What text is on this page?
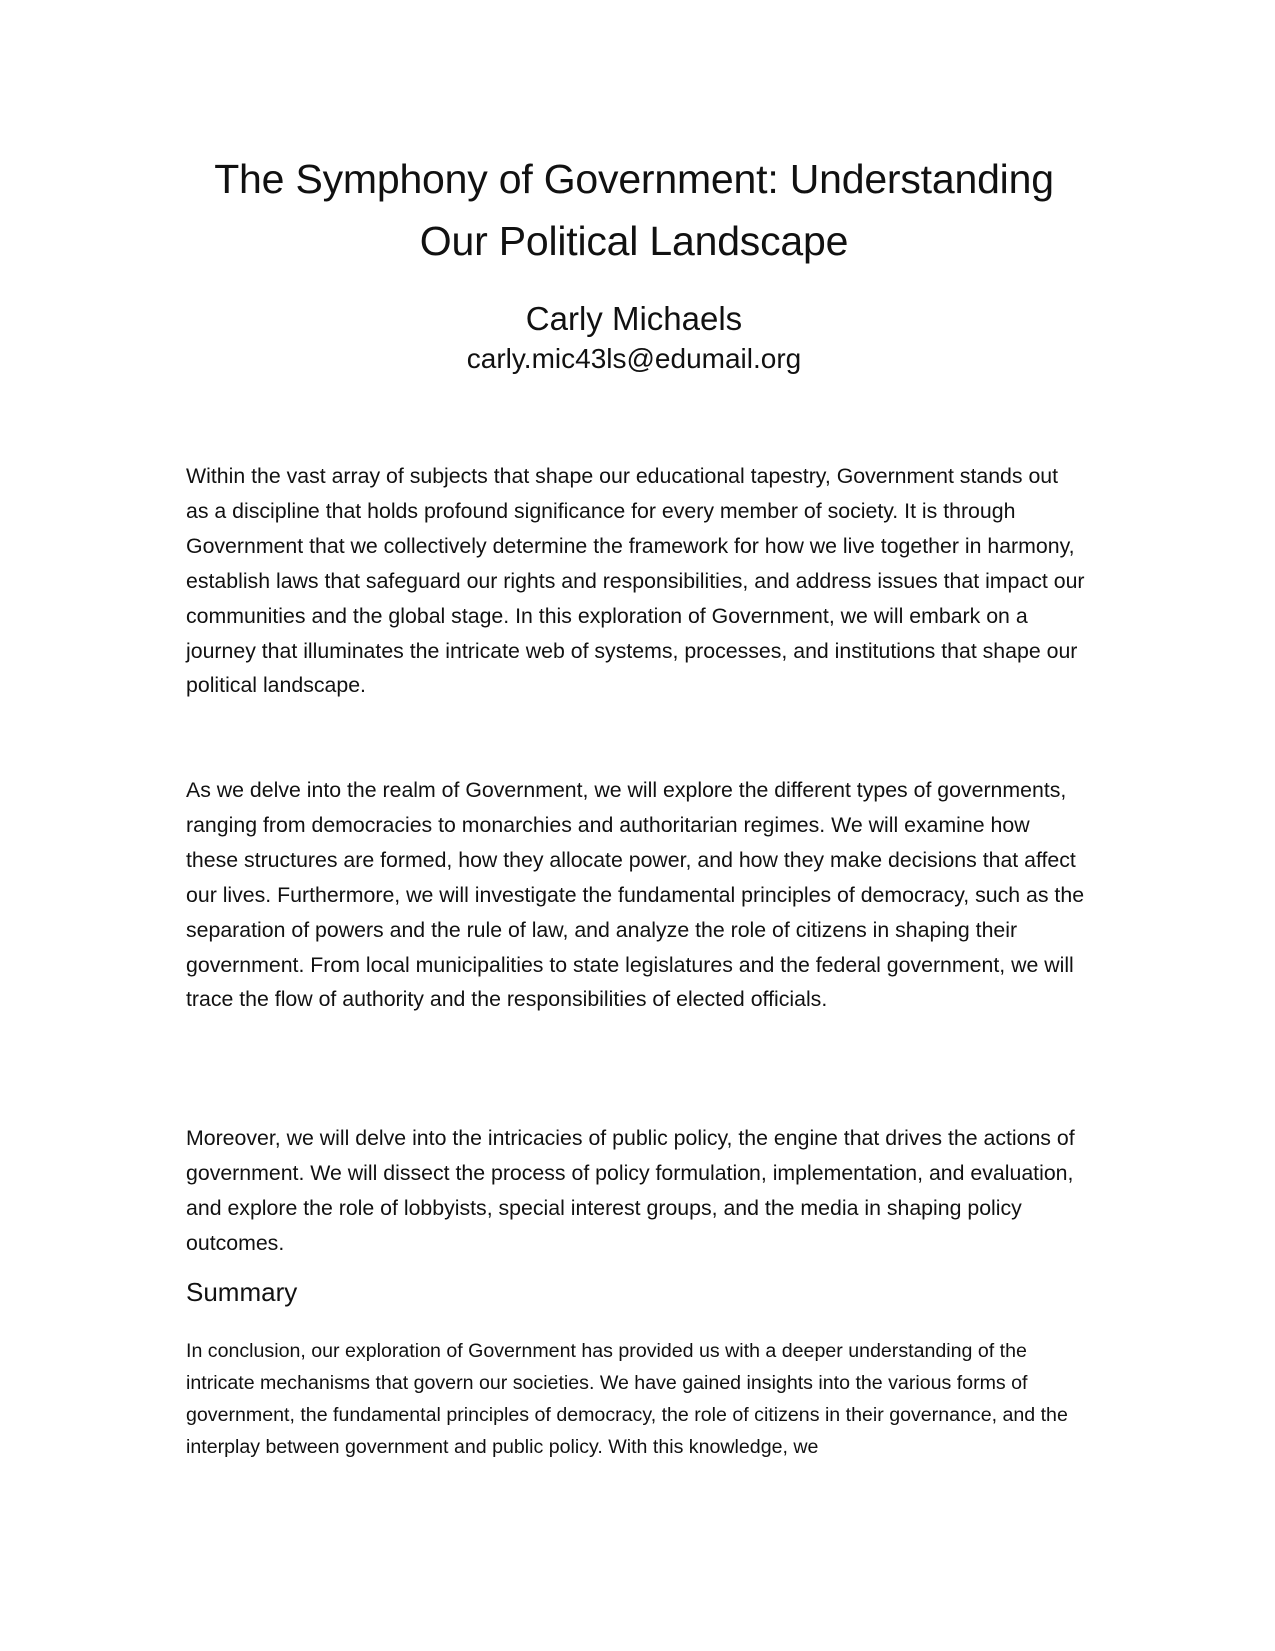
The Symphony of Government: Understanding Our Political Landscape
Carly Michaels
carly.mic43ls@edumail.org

Within the vast array of subjects that shape our educational tapestry, Government stands out as a discipline that holds profound significance for every member of society. It is through Government that we collectively determine the framework for how we live together in harmony, establish laws that safeguard our rights and responsibilities, and address issues that impact our communities and the global stage. In this exploration of Government, we will embark on a journey that illuminates the intricate web of systems, processes, and institutions that shape our political landscape.

As we delve into the realm of Government, we will explore the different types of governments, ranging from democracies to monarchies and authoritarian regimes. We will examine how these structures are formed, how they allocate power, and how they make decisions that affect our lives. Furthermore, we will investigate the fundamental principles of democracy, such as the separation of powers and the rule of law, and analyze the role of citizens in shaping their government. From local municipalities to state legislatures and the federal government, we will trace the flow of authority and the responsibilities of elected officials.

Moreover, we will delve into the intricacies of public policy, the engine that drives the actions of government. We will dissect the process of policy formulation, implementation, and evaluation, and explore the role of lobbyists, special interest groups, and the media in shaping policy outcomes.

Summary

In conclusion, our exploration of Government has provided us with a deeper understanding of the intricate mechanisms that govern our societies. We have gained insights into the various forms of government, the fundamental principles of democracy, the role of citizens in their governance, and the interplay between government and public policy. With this knowledge, we
